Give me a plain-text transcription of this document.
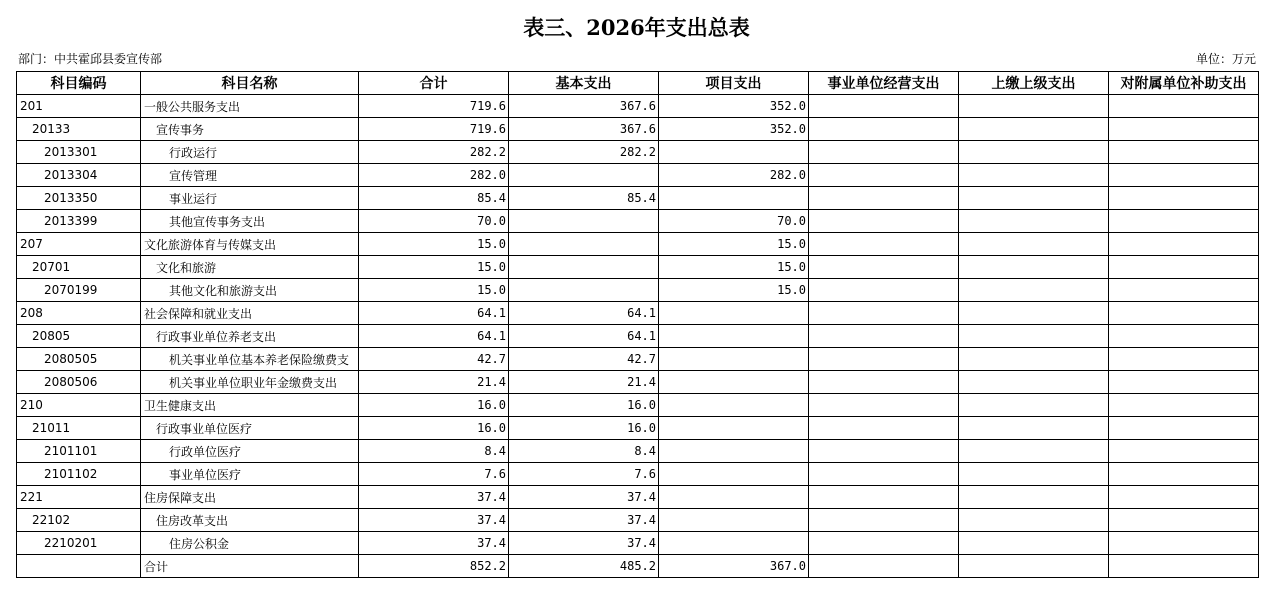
表三、2026年支出总表
部门：中共霍邱县委宣传部	单位：万元
科目编码	科目名称	合计	基本支出	项目支出	事业单位经营支出	上缴上级支出	对附属单位补助支出
201	一般公共服务支出	719.6	367.6	352.0			
20133	宣传事务	719.6	367.6	352.0			
2013301	行政运行	282.2	282.2				
2013304	宣传管理	282.0		282.0			
2013350	事业运行	85.4	85.4				
2013399	其他宣传事务支出	70.0		70.0			
207	文化旅游体育与传媒支出	15.0		15.0			
20701	文化和旅游	15.0		15.0			
2070199	其他文化和旅游支出	15.0		15.0			
208	社会保障和就业支出	64.1	64.1				
20805	行政事业单位养老支出	64.1	64.1				
2080505	机关事业单位基本养老保险缴费支	42.7	42.7				
2080506	机关事业单位职业年金缴费支出	21.4	21.4				
210	卫生健康支出	16.0	16.0				
21011	行政事业单位医疗	16.0	16.0				
2101101	行政单位医疗	8.4	8.4				
2101102	事业单位医疗	7.6	7.6				
221	住房保障支出	37.4	37.4				
22102	住房改革支出	37.4	37.4				
2210201	住房公积金	37.4	37.4				
	合计	852.2	485.2	367.0			
